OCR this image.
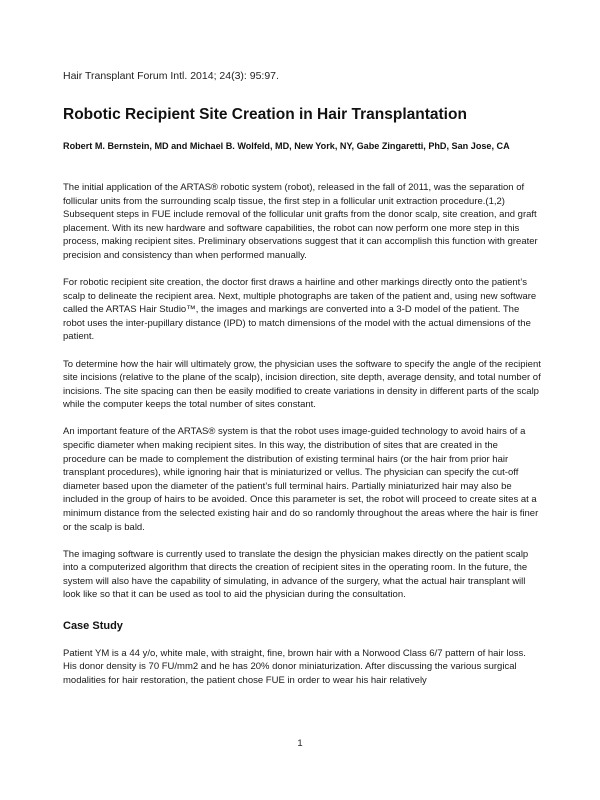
Hair Transplant Forum Intl. 2014; 24(3): 95:97.
Robotic Recipient Site Creation in Hair Transplantation
Robert M. Bernstein, MD and Michael B. Wolfeld, MD, New York, NY, Gabe Zingaretti, PhD, San Jose, CA

The initial application of the ARTAS® robotic system (robot), released in the fall of 2011, was the separation of follicular units from the surrounding scalp tissue, the first step in a follicular unit extraction procedure.(1,2) Subsequent steps in FUE include removal of the follicular unit grafts from the donor scalp, site creation, and graft placement. With its new hardware and software capabilities, the robot can now perform one more step in this process, making recipient sites. Preliminary observations suggest that it can accomplish this function with greater precision and consistency than when performed manually.

For robotic recipient site creation, the doctor first draws a hairline and other markings directly onto the patient’s scalp to delineate the recipient area. Next, multiple photographs are taken of the patient and, using new software called the ARTAS Hair Studio™, the images and markings are converted into a 3-D model of the patient. The robot uses the inter-pupillary distance (IPD) to match dimensions of the model with the actual dimensions of the patient.

To determine how the hair will ultimately grow, the physician uses the software to specify the angle of the recipient site incisions (relative to the plane of the scalp), incision direction, site depth, average density, and total number of incisions. The site spacing can then be easily modified to create variations in density in different parts of the scalp while the computer keeps the total number of sites constant.

An important feature of the ARTAS® system is that the robot uses image-guided technology to avoid hairs of a specific diameter when making recipient sites. In this way, the distribution of sites that are created in the procedure can be made to complement the distribution of existing terminal hairs (or the hair from prior hair transplant procedures), while ignoring hair that is miniaturized or vellus. The physician can specify the cut-off diameter based upon the diameter of the patient’s full terminal hairs. Partially miniaturized hair may also be included in the group of hairs to be avoided. Once this parameter is set, the robot will proceed to create sites at a minimum distance from the selected existing hair and do so randomly throughout the areas where the hair is finer or the scalp is bald.

The imaging software is currently used to translate the design the physician makes directly on the patient scalp into a computerized algorithm that directs the creation of recipient sites in the operating room. In the future, the system will also have the capability of simulating, in advance of the surgery, what the actual hair transplant will look like so that it can be used as tool to aid the physician during the consultation.

Case Study

Patient YM is a 44 y/o, white male, with straight, fine, brown hair with a Norwood Class 6/7 pattern of hair loss. His donor density is 70 FU/mm2 and he has 20% donor miniaturization. After discussing the various surgical modalities for hair restoration, the patient chose FUE in order to wear his hair relatively

1
